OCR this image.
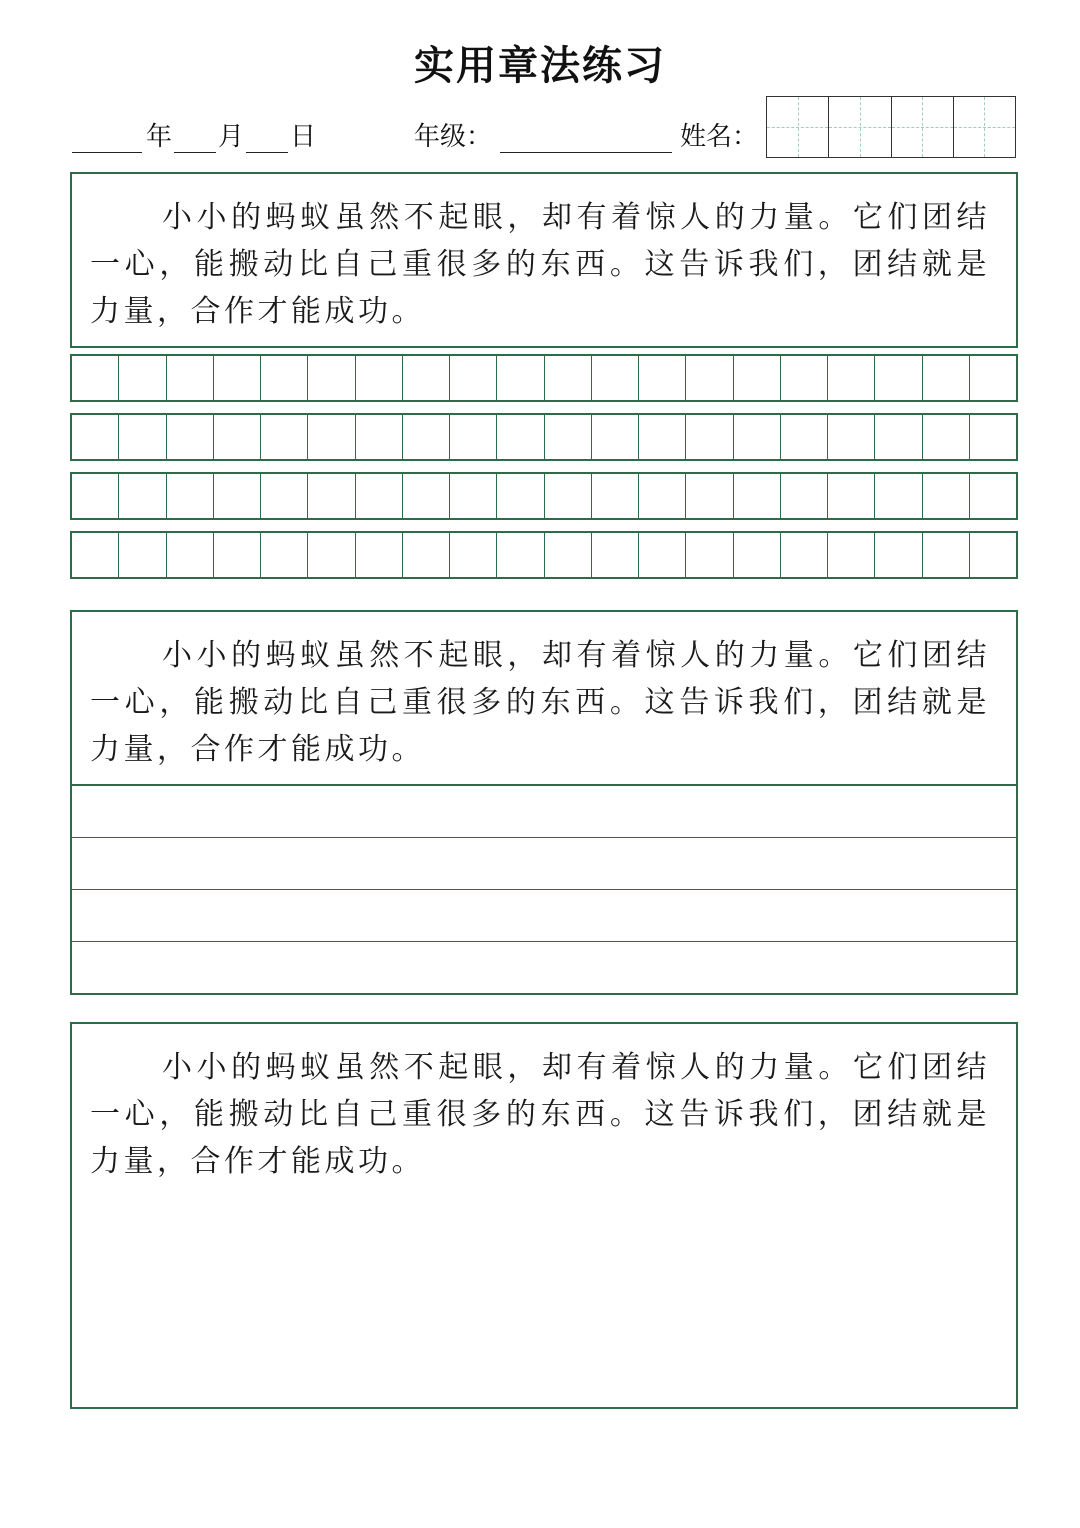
实用章法练习
年 月 日	年级：	姓名：
小小的蚂蚁虽然不起眼，却有着惊人的力量。它们团结一心，能搬动比自己重很多的东西。这告诉我们，团结就是力量，合作才能成功。
小小的蚂蚁虽然不起眼，却有着惊人的力量。它们团结一心，能搬动比自己重很多的东西。这告诉我们，团结就是力量，合作才能成功。
小小的蚂蚁虽然不起眼，却有着惊人的力量。它们团结一心，能搬动比自己重很多的东西。这告诉我们，团结就是力量，合作才能成功。
